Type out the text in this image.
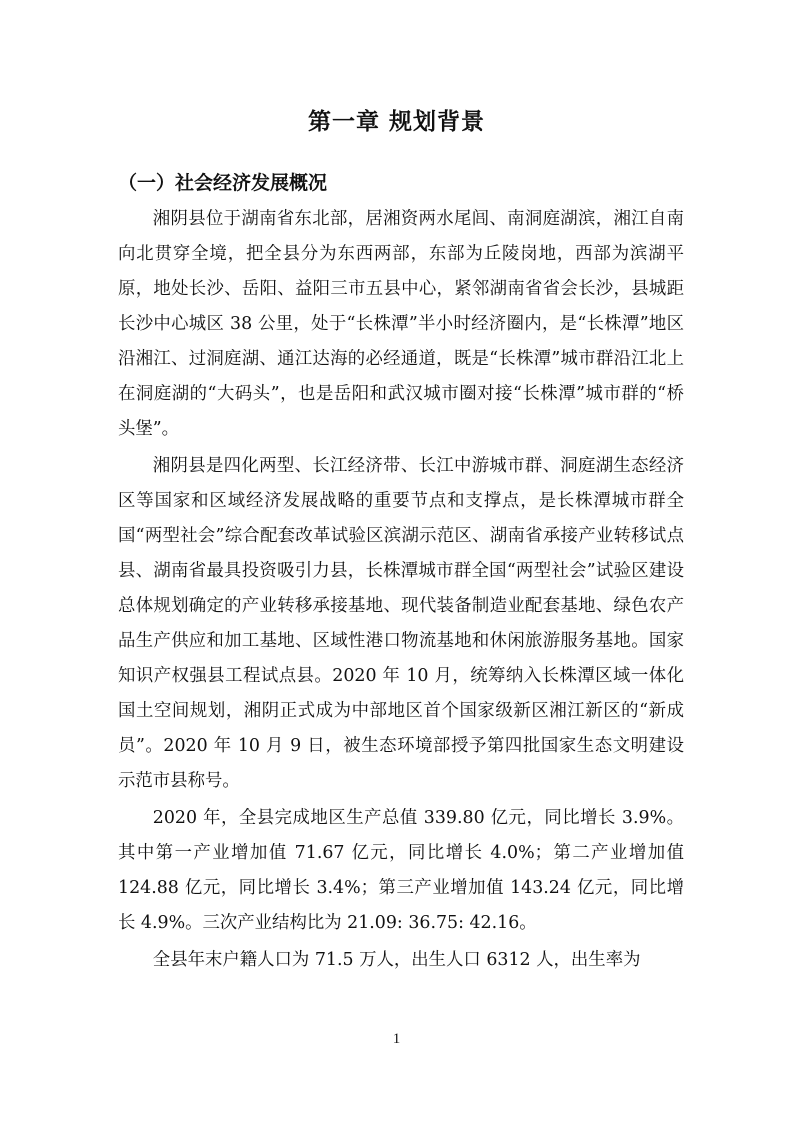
第一章 规划背景
（一）社会经济发展概况

湘阴县位于湖南省东北部，居湘资两水尾闾、南洞庭湖滨，湘江自南向北贯穿全境，把全县分为东西两部，东部为丘陵岗地，西部为滨湖平原，地处长沙、岳阳、益阳三市五县中心，紧邻湖南省省会长沙，县城距长沙中心城区 38 公里，处于“长株潭”半小时经济圈内，是“长株潭”地区沿湘江、过洞庭湖、通江达海的必经通道，既是“长株潭”城市群沿江北上在洞庭湖的“大码头”，也是岳阳和武汉城市圈对接“长株潭”城市群的“桥头堡”。

湘阴县是四化两型、长江经济带、长江中游城市群、洞庭湖生态经济区等国家和区域经济发展战略的重要节点和支撑点，是长株潭城市群全国“两型社会”综合配套改革试验区滨湖示范区、湖南省承接产业转移试点县、湖南省最具投资吸引力县，长株潭城市群全国“两型社会”试验区建设总体规划确定的产业转移承接基地、现代装备制造业配套基地、绿色农产品生产供应和加工基地、区域性港口物流基地和休闲旅游服务基地。国家知识产权强县工程试点县。2020 年 10 月，统筹纳入长株潭区域一体化国土空间规划，湘阴正式成为中部地区首个国家级新区湘江新区的“新成员”。2020 年 10 月 9 日，被生态环境部授予第四批国家生态文明建设示范市县称号。

2020 年，全县完成地区生产总值 339.80 亿元，同比增长 3.9%。其中第一产业增加值 71.67 亿元，同比增长 4.0%；第二产业增加值 124.88 亿元，同比增长 3.4%；第三产业增加值 143.24 亿元，同比增长 4.9%。三次产业结构比为 21.09: 36.75: 42.16。

全县年末户籍人口为 71.5 万人，出生人口 6312 人，出生率为

1
